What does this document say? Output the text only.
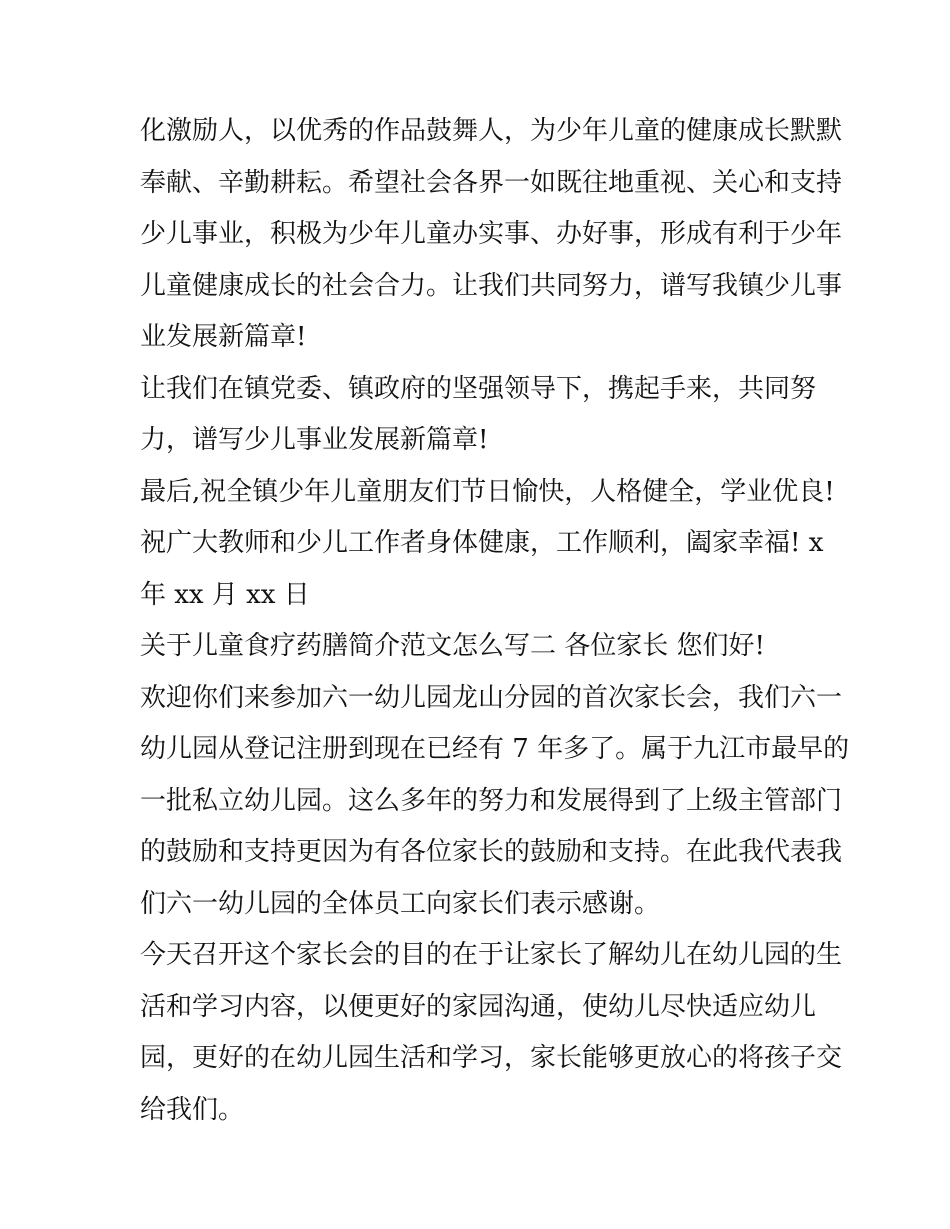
化激励人，以优秀的作品鼓舞人，为少年儿童的健康成长默默
奉献、辛勤耕耘。希望社会各界一如既往地重视、关心和支持
少儿事业，积极为少年儿童办实事、办好事，形成有利于少年
儿童健康成长的社会合力。让我们共同努力，谱写我镇少儿事
业发展新篇章!

让我们在镇党委、镇政府的坚强领导下，携起手来，共同努
力，谱写少儿事业发展新篇章!

最后,祝全镇少年儿童朋友们节日愉快，人格健全，学业优良!
祝广大教师和少儿工作者身体健康，工作顺利，阖家幸福! x
年 xx 月 xx 日

关于儿童食疗药膳简介范文怎么写二 各位家长 您们好!

欢迎你们来参加六一幼儿园龙山分园的首次家长会，我们六一
幼儿园从登记注册到现在已经有 7 年多了。属于九江市最早的
一批私立幼儿园。这么多年的努力和发展得到了上级主管部门
的鼓励和支持更因为有各位家长的鼓励和支持。在此我代表我
们六一幼儿园的全体员工向家长们表示感谢。

今天召开这个家长会的目的在于让家长了解幼儿在幼儿园的生
活和学习内容，以便更好的家园沟通，使幼儿尽快适应幼儿
园，更好的在幼儿园生活和学习，家长能够更放心的将孩子交
给我们。
